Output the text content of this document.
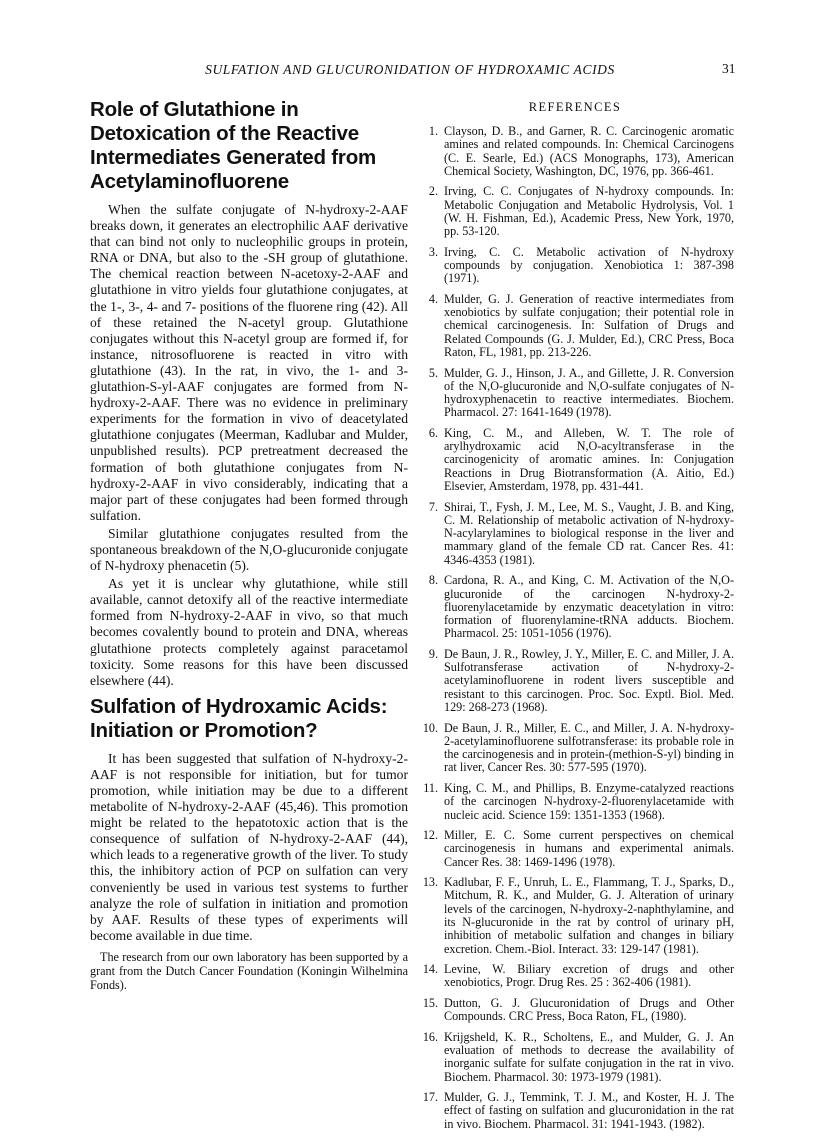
SULFATION AND GLUCURONIDATION OF HYDROXAMIC ACIDS	31
Role of Glutathione in Detoxication of the Reactive Intermediates Generated from Acetylaminofluorene

When the sulfate conjugate of N-hydroxy-2-AAF breaks down, it generates an electrophilic AAF derivative that can bind not only to nucleophilic groups in protein, RNA or DNA, but also to the -SH group of glutathione. The chemical reaction between N-acetoxy-2-AAF and glutathione in vitro yields four glutathione conjugates, at the 1-, 3-, 4- and 7- positions of the fluorene ring (42). All of these retained the N-acetyl group. Glutathione conjugates without this N-acetyl group are formed if, for instance, nitrosofluorene is reacted in vitro with glutathione (43). In the rat, in vivo, the 1- and 3-glutathion-S-yl-AAF conjugates are formed from N-hydroxy-2-AAF. There was no evidence in preliminary experiments for the formation in vivo of deacetylated glutathione conjugates (Meerman, Kadlubar and Mulder, unpublished results). PCP pretreatment decreased the formation of both glutathione conjugates from N-hydroxy-2-AAF in vivo considerably, indicating that a major part of these conjugates had been formed through sulfation.

Similar glutathione conjugates resulted from the spontaneous breakdown of the N,O-glucuronide conjugate of N-hydroxy phenacetin (5).

As yet it is unclear why glutathione, while still available, cannot detoxify all of the reactive intermediate formed from N-hydroxy-2-AAF in vivo, so that much becomes covalently bound to protein and DNA, whereas glutathione protects completely against paracetamol toxicity. Some reasons for this have been discussed elsewhere (44).

Sulfation of Hydroxamic Acids: Initiation or Promotion?

It has been suggested that sulfation of N-hydroxy-2-AAF is not responsible for initiation, but for tumor promotion, while initiation may be due to a different metabolite of N-hydroxy-2-AAF (45,46). This promotion might be related to the hepatotoxic action that is the consequence of sulfation of N-hydroxy-2-AAF (44), which leads to a regenerative growth of the liver. To study this, the inhibitory action of PCP on sulfation can very conveniently be used in various test systems to further analyze the role of sulfation in initiation and promotion by AAF. Results of these types of experiments will become available in due time.

The research from our own laboratory has been supported by a grant from the Dutch Cancer Foundation (Koningin Wilhelmina Fonds).

REFERENCES
1. Clayson, D. B., and Garner, R. C. Carcinogenic aromatic amines and related compounds. In: Chemical Carcinogens (C. E. Searle, Ed.) (ACS Monographs, 173), American Chemical Society, Washington, DC, 1976, pp. 366-461.
2. Irving, C. C. Conjugates of N-hydroxy compounds. In: Metabolic Conjugation and Metabolic Hydrolysis, Vol. 1 (W. H. Fishman, Ed.), Academic Press, New York, 1970, pp. 53-120.
3. Irving, C. C. Metabolic activation of N-hydroxy compounds by conjugation. Xenobiotica 1: 387-398 (1971).
4. Mulder, G. J. Generation of reactive intermediates from xenobiotics by sulfate conjugation; their potential role in chemical carcinogenesis. In: Sulfation of Drugs and Related Compounds (G. J. Mulder, Ed.), CRC Press, Boca Raton, FL, 1981, pp. 213-226.
5. Mulder, G. J., Hinson, J. A., and Gillette, J. R. Conversion of the N,O-glucuronide and N,O-sulfate conjugates of N-hydroxyphenacetin to reactive intermediates. Biochem. Pharmacol. 27: 1641-1649 (1978).
6. King, C. M., and Alleben, W. T. The role of arylhydroxamic acid N,O-acyltransferase in the carcinogenicity of aromatic amines. In: Conjugation Reactions in Drug Biotransformation (A. Aitio, Ed.) Elsevier, Amsterdam, 1978, pp. 431-441.
7. Shirai, T., Fysh, J. M., Lee, M. S., Vaught, J. B. and King, C. M. Relationship of metabolic activation of N-hydroxy-N-acylarylamines to biological response in the liver and mammary gland of the female CD rat. Cancer Res. 41: 4346-4353 (1981).
8. Cardona, R. A., and King, C. M. Activation of the N,O-glucuronide of the carcinogen N-hydroxy-2-fluorenylacetamide by enzymatic deacetylation in vitro: formation of fluorenylamine-tRNA adducts. Biochem. Pharmacol. 25: 1051-1056 (1976).
9. De Baun, J. R., Rowley, J. Y., Miller, E. C. and Miller, J. A. Sulfotransferase activation of N-hydroxy-2-acetylaminofluorene in rodent livers susceptible and resistant to this carcinogen. Proc. Soc. Exptl. Biol. Med. 129: 268-273 (1968).
10. De Baun, J. R., Miller, E. C., and Miller, J. A. N-hydroxy-2-acetylaminofluorene sulfotransferase: its probable role in the carcinogenesis and in protein-(methion-S-yl) binding in rat liver, Cancer Res. 30: 577-595 (1970).
11. King, C. M., and Phillips, B. Enzyme-catalyzed reactions of the carcinogen N-hydroxy-2-fluorenylacetamide with nucleic acid. Science 159: 1351-1353 (1968).
12. Miller, E. C. Some current perspectives on chemical carcinogenesis in humans and experimental animals. Cancer Res. 38: 1469-1496 (1978).
13. Kadlubar, F. F., Unruh, L. E., Flammang, T. J., Sparks, D., Mitchum, R. K., and Mulder, G. J. Alteration of urinary levels of the carcinogen, N-hydroxy-2-naphthylamine, and its N-glucuronide in the rat by control of urinary pH, inhibition of metabolic sulfation and changes in biliary excretion. Chem.-Biol. Interact. 33: 129-147 (1981).
14. Levine, W. Biliary excretion of drugs and other xenobiotics, Progr. Drug Res. 25 : 362-406 (1981).
15. Dutton, G. J. Glucuronidation of Drugs and Other Compounds. CRC Press, Boca Raton, FL, (1980).
16. Krijgsheld, K. R., Scholtens, E., and Mulder, G. J. An evaluation of methods to decrease the availability of inorganic sulfate for sulfate conjugation in the rat in vivo. Biochem. Pharmacol. 30: 1973-1979 (1981).
17. Mulder, G. J., Temmink, T. J. M., and Koster, H. J. The effect of fasting on sulfation and glucuronidation in the rat in vivo. Biochem. Pharmacol. 31: 1941-1943. (1982).
